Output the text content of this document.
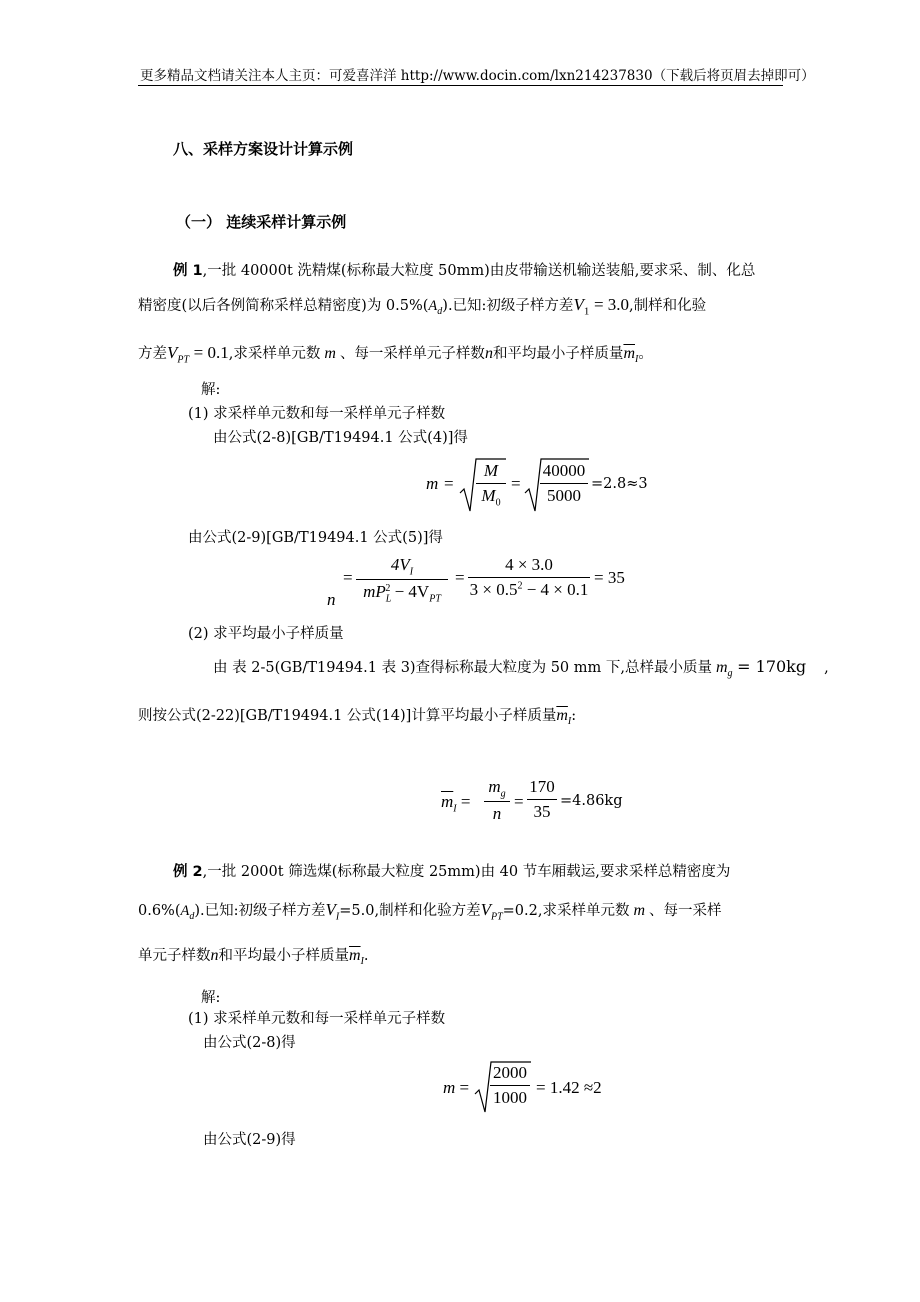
更多精品文档请关注本人主页：可爱喜洋洋 http://www.docin.com/lxn214237830（下载后将页眉去掉即可）
八、采样方案设计计算示例
（一） 连续采样计算示例
例 1,一批 40000t 洗精煤(标称最大粒度 50mm)由皮带输送机输送装船,要求采、制、化总
精密度(以后各例简称采样总精密度)为 $0.5\%(A_d)$.已知:初级子样方差$V_1 = 3.0$,制样和化验
方差$V_{PT} = 0.1$,求采样单元数 m 、每一采样单元子样数n和平均最小子样质量$\overline{m}_I$。
解:
(1) 求采样单元数和每一采样单元子样数
由公式(2-8)[GB/T19494.1 公式(4)]得
m =
M
$M_0$
=
40000
5000
=2.8≈3
由公式(2-9)[GB/T19494.1 公式(5)]得
=
n
$4V_I$
$mP_L^2 - 4V_{PT}$
=
4 × 3.0
$3 \times 0.5^2 - 4 \times 0.1$
= 35
(2) 求平均最小子样质量
由 表 2-5(GB/T19494.1 表 3)查得标称最大粒度为 50 mm 下,总样最小质量 $m_g = 170kg$ ,
则按公式(2-22)[GB/T19494.1 公式(14)]计算平均最小子样质量$\overline{m}_I$:
$\overline{m}_I$ =
$m_g$
n
=
170
35
=4.86kg
例 2,一批 2000t 筛选煤(标称最大粒度 25mm)由 40 节车厢载运,要求采样总精密度为
$0.6\%(A_d)$.已知:初级子样方差$V_I=5.0$,制样和化验方差$V_{PT}=0.2$,求采样单元数 m 、每一采样
单元子样数n和平均最小子样质量$\overline{m}_I$.
解:
(1) 求采样单元数和每一采样单元子样数
由公式(2-8)得
m =
2000
1000
= 1.42 ≈2
由公式(2-9)得
